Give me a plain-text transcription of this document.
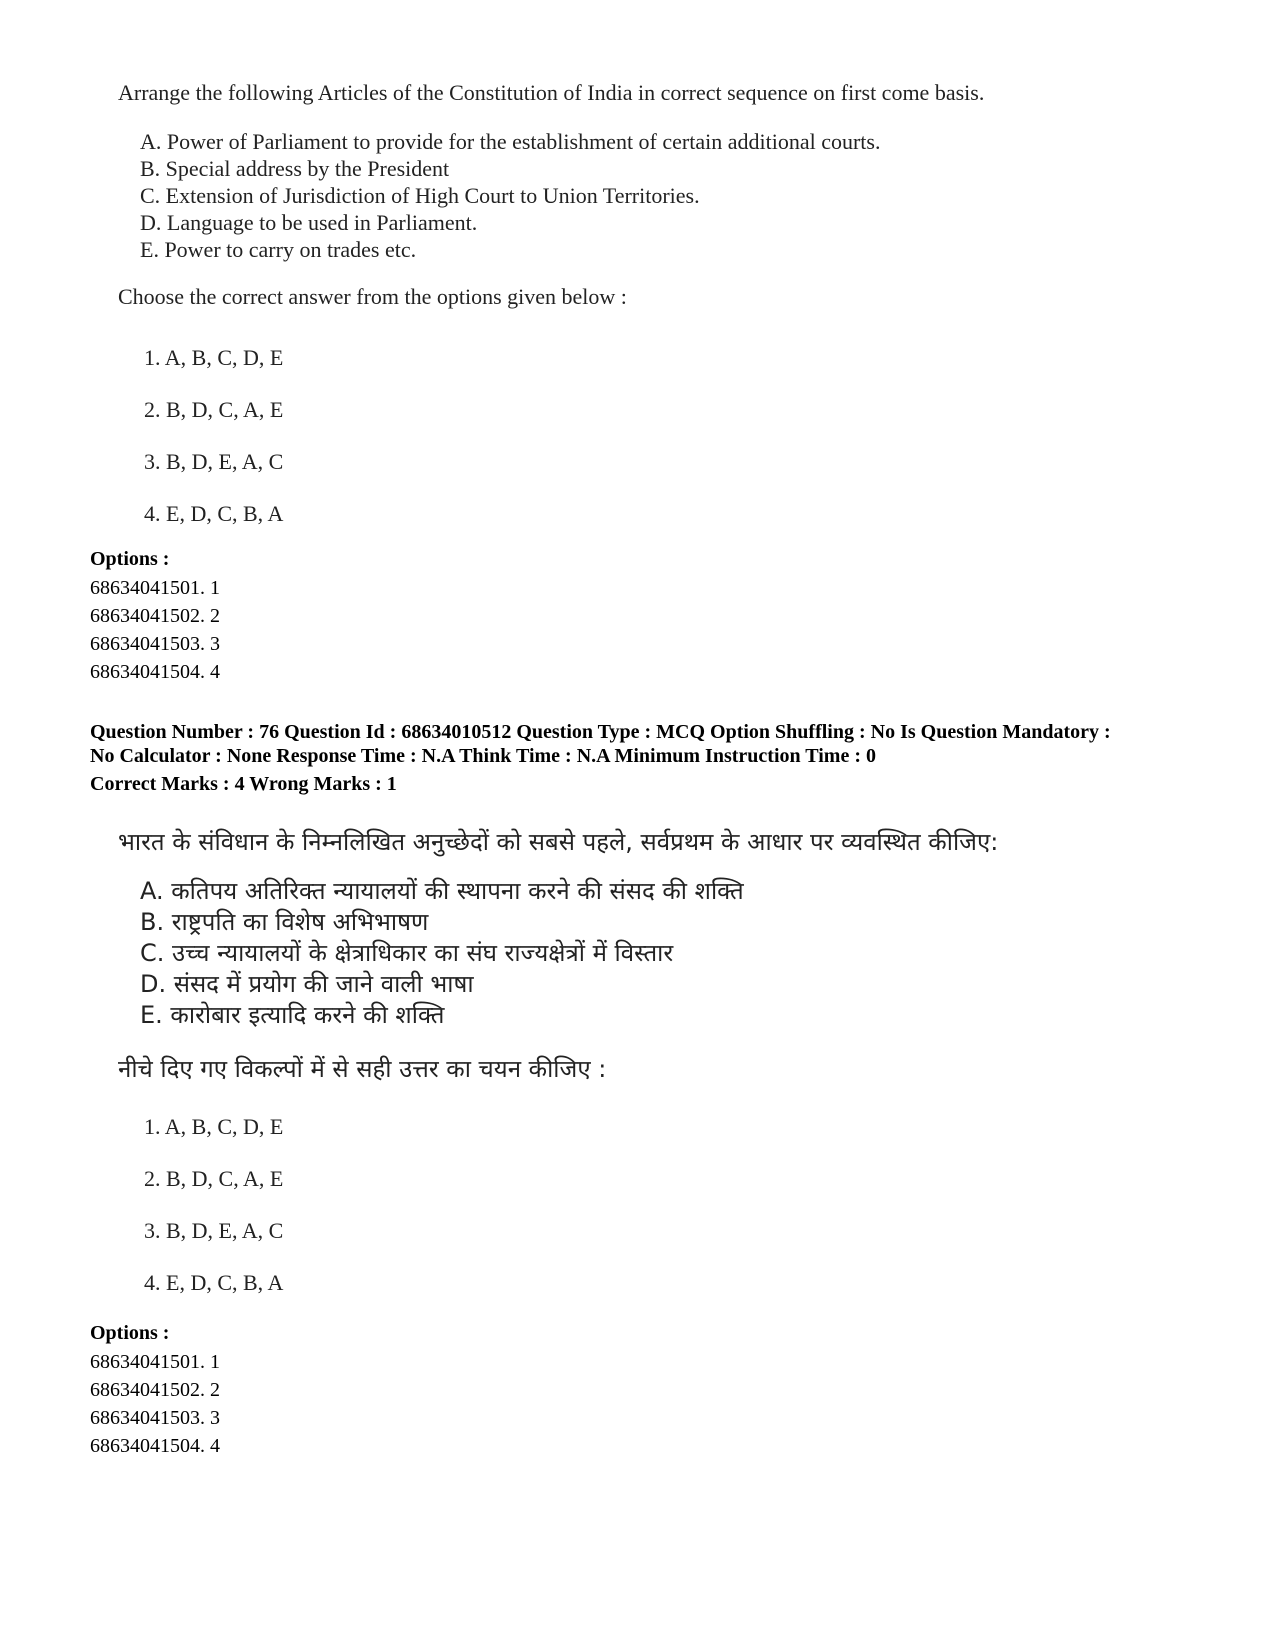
Arrange the following Articles of the Constitution of India in correct sequence on first come basis.

A. Power of Parliament to provide for the establishment of certain additional courts.
B. Special address by the President
C. Extension of Jurisdiction of High Court to Union Territories.
D. Language to be used in Parliament.
E. Power to carry on trades etc.

Choose the correct answer from the options given below :

1. A, B, C, D, E
2. B, D, C, A, E
3. B, D, E, A, C
4. E, D, C, B, A
Options :
68634041501. 1
68634041502. 2
68634041503. 3
68634041504. 4
Question Number : 76 Question Id : 68634010512 Question Type : MCQ Option Shuffling : No Is Question Mandatory :
No Calculator : None Response Time : N.A Think Time : N.A Minimum Instruction Time : 0
Correct Marks : 4 Wrong Marks : 1

भारत के संविधान के निम्नलिखित अनुच्छेदों को सबसे पहले, सर्वप्रथम के आधार पर व्यवस्थित कीजिए:

A. कतिपय अतिरिक्त न्यायालयों की स्थापना करने की संसद की शक्ति
B. राष्ट्रपति का विशेष अभिभाषण
C. उच्च न्यायालयों के क्षेत्राधिकार का संघ राज्यक्षेत्रों में विस्तार
D. संसद में प्रयोग की जाने वाली भाषा
E. कारोबार इत्यादि करने की शक्ति

नीचे दिए गए विकल्पों में से सही उत्तर का चयन कीजिए :

1. A, B, C, D, E
2. B, D, C, A, E
3. B, D, E, A, C
4. E, D, C, B, A
Options :
68634041501. 1
68634041502. 2
68634041503. 3
68634041504. 4
